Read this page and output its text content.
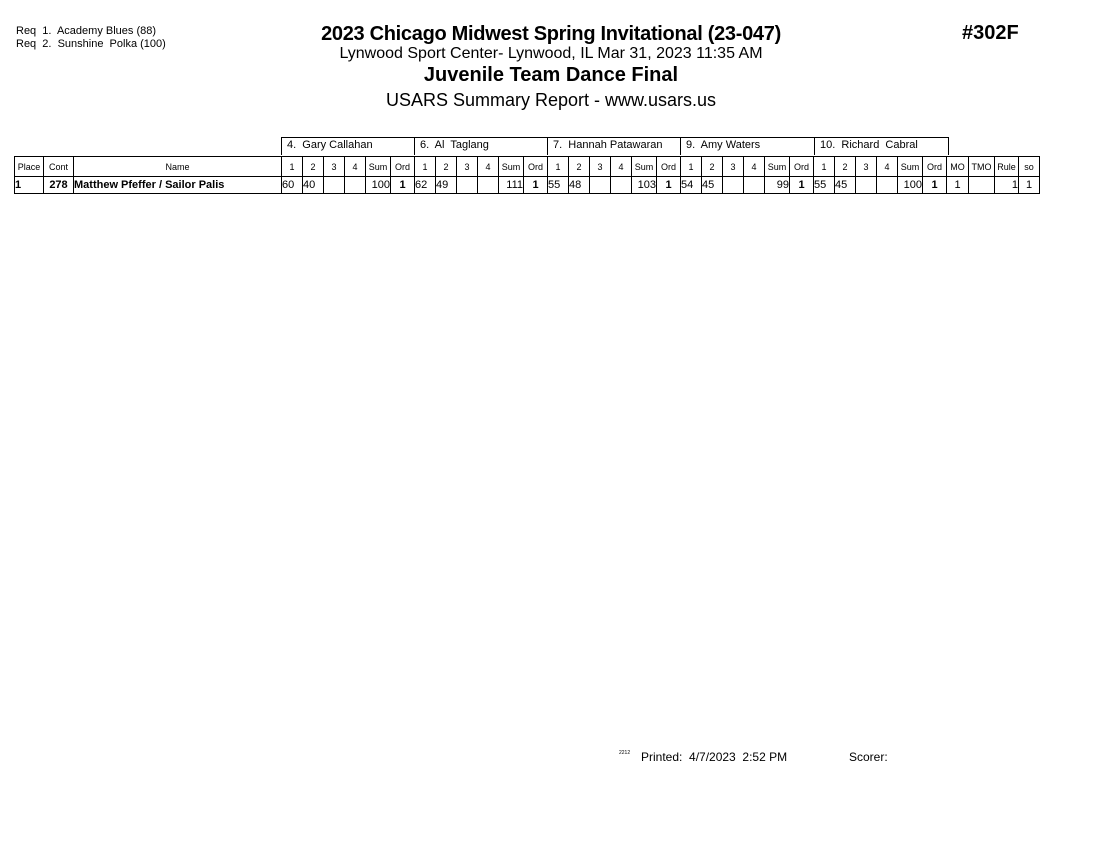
Req  1.  Academy Blues (88)
Req  2.  Sunshine  Polka (100)	2023 Chicago Midwest Spring Invitational (23-047)
Lynwood Sport Center- Lynwood, IL Mar 31, 2023 11:35 AM
Juvenile Team Dance Final
USARS Summary Report - www.usars.us
#302F
4.  Gary Callahan	6.  Al  Taglang	7.  Hannah Patawaran	9.  Amy Waters	10.  Richard  Cabral
Place	Cont	Name	1	2	3	4	Sum	Ord	1	2	3	4	Sum	Ord	1	2	3	4	Sum	Ord	1	2	3	4	Sum	Ord	1	2	3	4	Sum	Ord	MO	TMO	Rule	so
1	278	Matthew Pfeffer / Sailor Palis	60	40			100	1	62	49			111	1	55	48			103	1	54	45			99	1	55	45			100	1	1		1	1
2212 Printed:  4/7/2023  2:52 PM	Scorer:
